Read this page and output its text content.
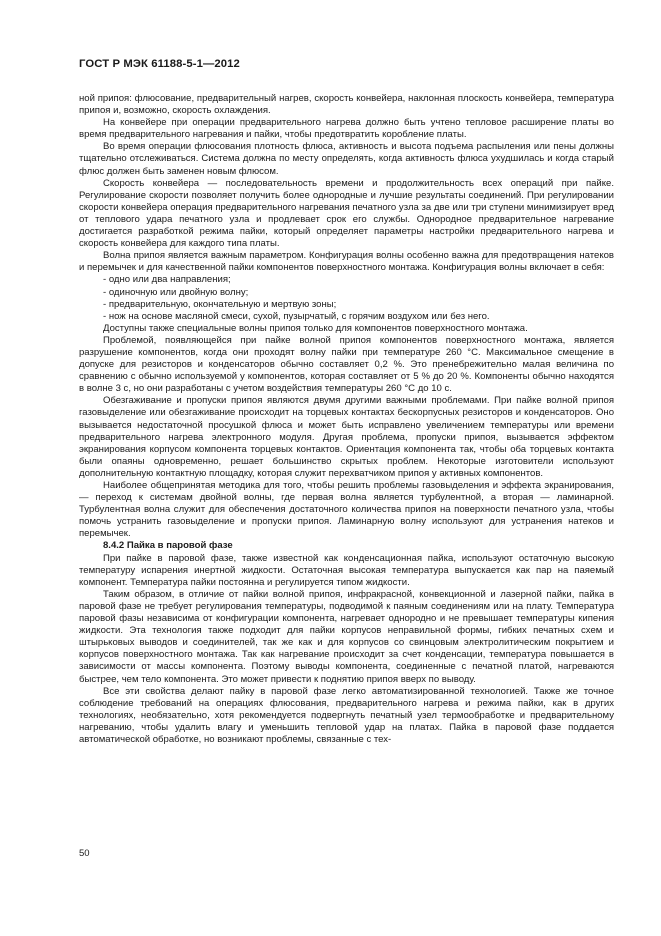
ГОСТ Р МЭК 61188-5-1—2012

ной припоя: флюсование, предварительный нагрев, скорость конвейера, наклонная плоскость конвейера, температура припоя и, возможно, скорость охлаждения.

На конвейере при операции предварительного нагрева должно быть учтено тепловое расширение платы во время предварительного нагревания и пайки, чтобы предотвратить коробление платы.

Во время операции флюсования плотность флюса, активность и высота подъема распыления или пены должны тщательно отслеживаться. Система должна по месту определять, когда активность флюса ухудшилась и когда старый флюс должен быть заменен новым флюсом.

Скорость конвейера — последовательность времени и продолжительность всех операций при пайке. Регулирование скорости позволяет получить более однородные и лучшие результаты соединений. При регулировании скорости конвейера операция предварительного нагревания печатного узла за две или три ступени минимизирует вред от теплового удара печатного узла и продлевает срок его службы. Однородное предварительное нагревание достигается разработкой режима пайки, который определяет параметры настройки предварительного нагрева и скорость конвейера для каждого типа платы.

Волна припоя является важным параметром. Конфигурация волны особенно важна для предотвращения натеков и перемычек и для качественной пайки компонентов поверхностного монтажа. Конфигурация волны включает в себя:

- одно или два направления;

- одиночную или двойную волну;

- предварительную, окончательную и мертвую зоны;

- нож на основе масляной смеси, сухой, пузырчатый, с горячим воздухом или без него.

Доступны также специальные волны припоя только для компонентов поверхностного монтажа.

Проблемой, появляющейся при пайке волной припоя компонентов поверхностного монтажа, является разрушение компонентов, когда они проходят волну пайки при температуре 260 °С. Максимальное смещение в допуске для резисторов и конденсаторов обычно составляет 0,2 %. Это пренебрежительно малая величина по сравнению с обычно используемой у компонентов, которая составляет от 5 % до 20 %. Компоненты обычно находятся в волне 3 с, но они разработаны с учетом воздействия температуры 260 °С до 10 с.

Обезгаживание и пропуски припоя являются двумя другими важными проблемами. При пайке волной припоя газовыделение или обезгаживание происходит на торцевых контактах бескорпусных резисторов и конденсаторов. Оно вызывается недостаточной просушкой флюса и может быть исправлено увеличением температуры или времени предварительного нагрева электронного модуля. Другая проблема, пропуски припоя, вызывается эффектом экранирования корпусом компонента торцевых контактов. Ориентация компонента так, чтобы оба торцевых контакта были опаяны одновременно, решает большинство скрытых проблем. Некоторые изготовители используют дополнительную контактную площадку, которая служит перехватчиком припоя у активных компонентов.

Наиболее общепринятая методика для того, чтобы решить проблемы газовыделения и эффекта экранирования, — переход к системам двойной волны, где первая волна является турбулентной, а вторая — ламинарной. Турбулентная волна служит для обеспечения достаточного количества припоя на поверхности печатного узла, чтобы помочь устранить газовыделение и пропуски припоя. Ламинарную волну используют для устранения натеков и перемычек.

8.4.2 Пайка в паровой фазе

При пайке в паровой фазе, также известной как конденсационная пайка, используют остаточную высокую температуру испарения инертной жидкости. Остаточная высокая температура выпускается как пар на паяемый компонент. Температура пайки постоянна и регулируется типом жидкости.

Таким образом, в отличие от пайки волной припоя, инфракрасной, конвекционной и лазерной пайки, пайка в паровой фазе не требует регулирования температуры, подводимой к паяным соединениям или на плату. Температура паровой фазы независима от конфигурации компонента, нагревает однородно и не превышает температуры кипения жидкости. Эта технология также подходит для пайки корпусов неправильной формы, гибких печатных схем и штырьковых выводов и соединителей, так же как и для корпусов со свинцовым электролитическим покрытием и корпусов поверхностного монтажа. Так как нагревание происходит за счет конденсации, температура повышается в зависимости от массы компонента. Поэтому выводы компонента, соединенные с печатной платой, нагреваются быстрее, чем тело компонента. Это может привести к поднятию припоя вверх по выводу.

Все эти свойства делают пайку в паровой фазе легко автоматизированной технологией. Также же точное соблюдение требований на операциях флюсования, предварительного нагрева и режима пайки, как в других технологиях, необязательно, хотя рекомендуется подвергнуть печатный узел термообработке и предварительному нагреванию, чтобы удалить влагу и уменьшить тепловой удар на платах. Пайка в паровой фазе поддается автоматической обработке, но возникают проблемы, связанные с тех-

50
